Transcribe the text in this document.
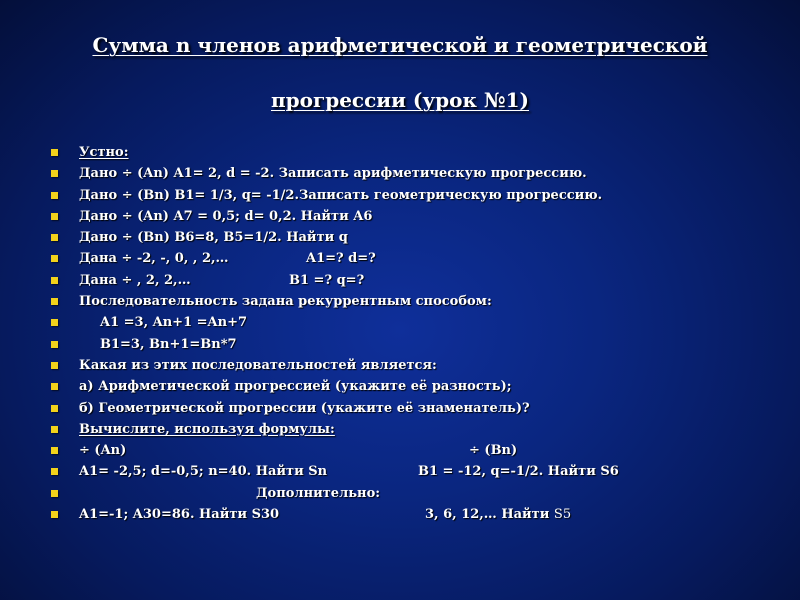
Сумма n членов арифметической и геометрической
прогрессии (урок №1)
Устно:
Дано ÷ (An) A1= 2, d = -2. Записать арифметическую прогрессию.
Дано ÷ (Bn) B1= 1/3, q= -1/2.Записать геометрическую прогрессию.
Дано ÷ (An) A7 = 0,5; d= 0,2. Найти A6
Дано ÷ (Bn) B6=8, B5=1/2. Найти q
Дана ÷ -2, -, 0, , 2,…	A1=? d=?
Дана ÷ , 2, 2,…	B1 =? q=?
Последовательность задана рекуррентным способом:
A1 =3, An+1 =An+7
B1=3, Bn+1=Bn*7
Какая из этих последовательностей является:
а) Арифметической прогрессией (укажите её разность);
б) Геометрической прогрессии (укажите её знаменатель)?
Вычислите, используя формулы:
÷ (An)	÷ (Bn)
A1= -2,5; d=-0,5; n=40. Найти Sn	B1 = -12, q=-1/2. Найти S6
Дополнительно:
A1=-1; A30=86. Найти S30	3, 6, 12,… Найти S5
